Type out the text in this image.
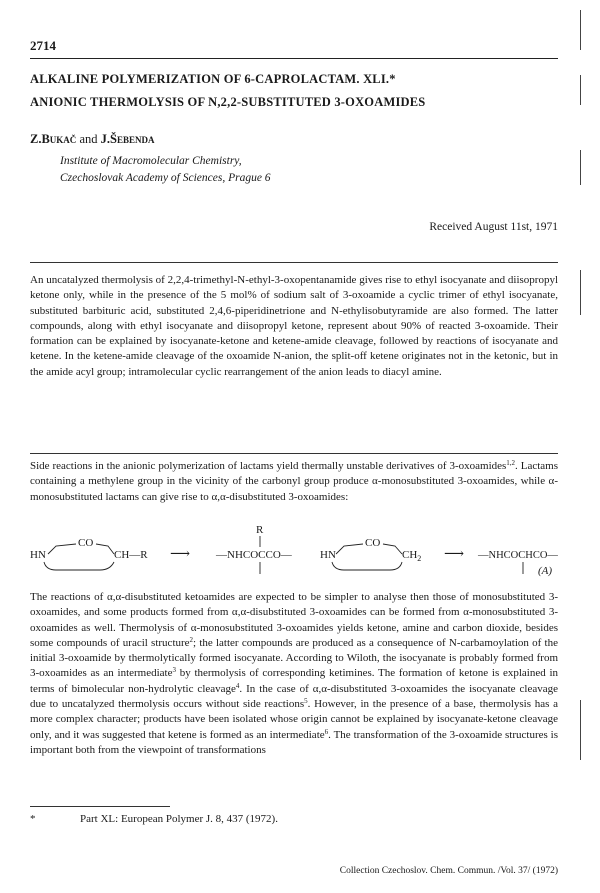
2714
ALKALINE POLYMERIZATION OF 6-CAPROLACTAM. XLI.*
ANIONIC THERMOLYSIS OF N,2,2-SUBSTITUTED 3-OXOAMIDES
Z.Bukač and J.Šebenda
Institute of Macromolecular Chemistry,
Czechoslovak Academy of Sciences, Prague 6
Received August 11st, 1971

An uncatalyzed thermolysis of 2,2,4-trimethyl-N-ethyl-3-oxopentanamide gives rise to ethyl isocyanate and diisopropyl ketone only, while in the presence of the 5 mol% of sodium salt of 3-oxoamide a cyclic trimer of ethyl isocyanate, substituted barbituric acid, substituted 2,4,6-piperidinetrione and N-ethylisobutyramide are also formed. The latter compounds, along with ethyl isocyanate and diisopropyl ketone, represent about 90% of reacted 3-oxoamide. Their formation can be explained by isocyanate-ketone and ketene-amide cleavage, followed by reactions of isocyanate and ketene. In the ketene-amide cleavage of the oxoamide N-anion, the split-off ketene originates not in the ketonic, but in the amide acyl group; intramolecular cyclic rearrangement of the anion leads to diacyl amine.

Side reactions in the anionic polymerization of lactams yield thermally unstable derivatives of 3-oxoamides$^{1,2}$. Lactams containing a methylene group in the vicinity of the carbonyl group produce α-monosubstituted 3-oxoamides, while α-monosubstituted lactams can give rise to α,α-disubstituted 3-oxoamides:

CO
HN	CH—R ⟶
R
—NHCOCCO—
CO
HN	$CH_2$ ⟶ —NHCOCHCO—
(A)

The reactions of α,α-disubstituted ketoamides are expected to be simpler to analyse then those of monosubstituted 3-oxoamides, and some products formed from α,α-disubstituted 3-oxoamides can be formed from α-monosubstituted 3-oxoamides as well. Thermolysis of α-monosubstituted 3-oxoamides yields ketone, amine and carbon dioxide, besides some compounds of uracil structure$^2$; the latter compounds are produced as a consequence of N-carbamoylation of the initial 3-oxoamide by thermolytically formed isocyanate. According to Wiloth, the isocyanate is probably formed from 3-oxoamides as an intermediate$^3$ by thermolysis of corresponding ketimines. The formation of ketone is explained in terms of bimolecular non-hydrolytic cleavage$^4$. In the case of α,α-disubstituted 3-oxoamides the isocyanate cleavage due to uncatalyzed thermolysis occurs without side reactions$^5$. However, in the presence of a base, thermolysis has a more complex character; products have been isolated whose origin cannot be explained by isocyanate-ketone cleavage only, and it was suggested that ketene is formed as an intermediate$^6$. The transformation of the 3-oxoamide structures is important both from the viewpoint of transformations

*	Part XL: European Polymer J. 8, 437 (1972).
Collection Czechoslov. Chem. Commun. /Vol. 37/ (1972)
